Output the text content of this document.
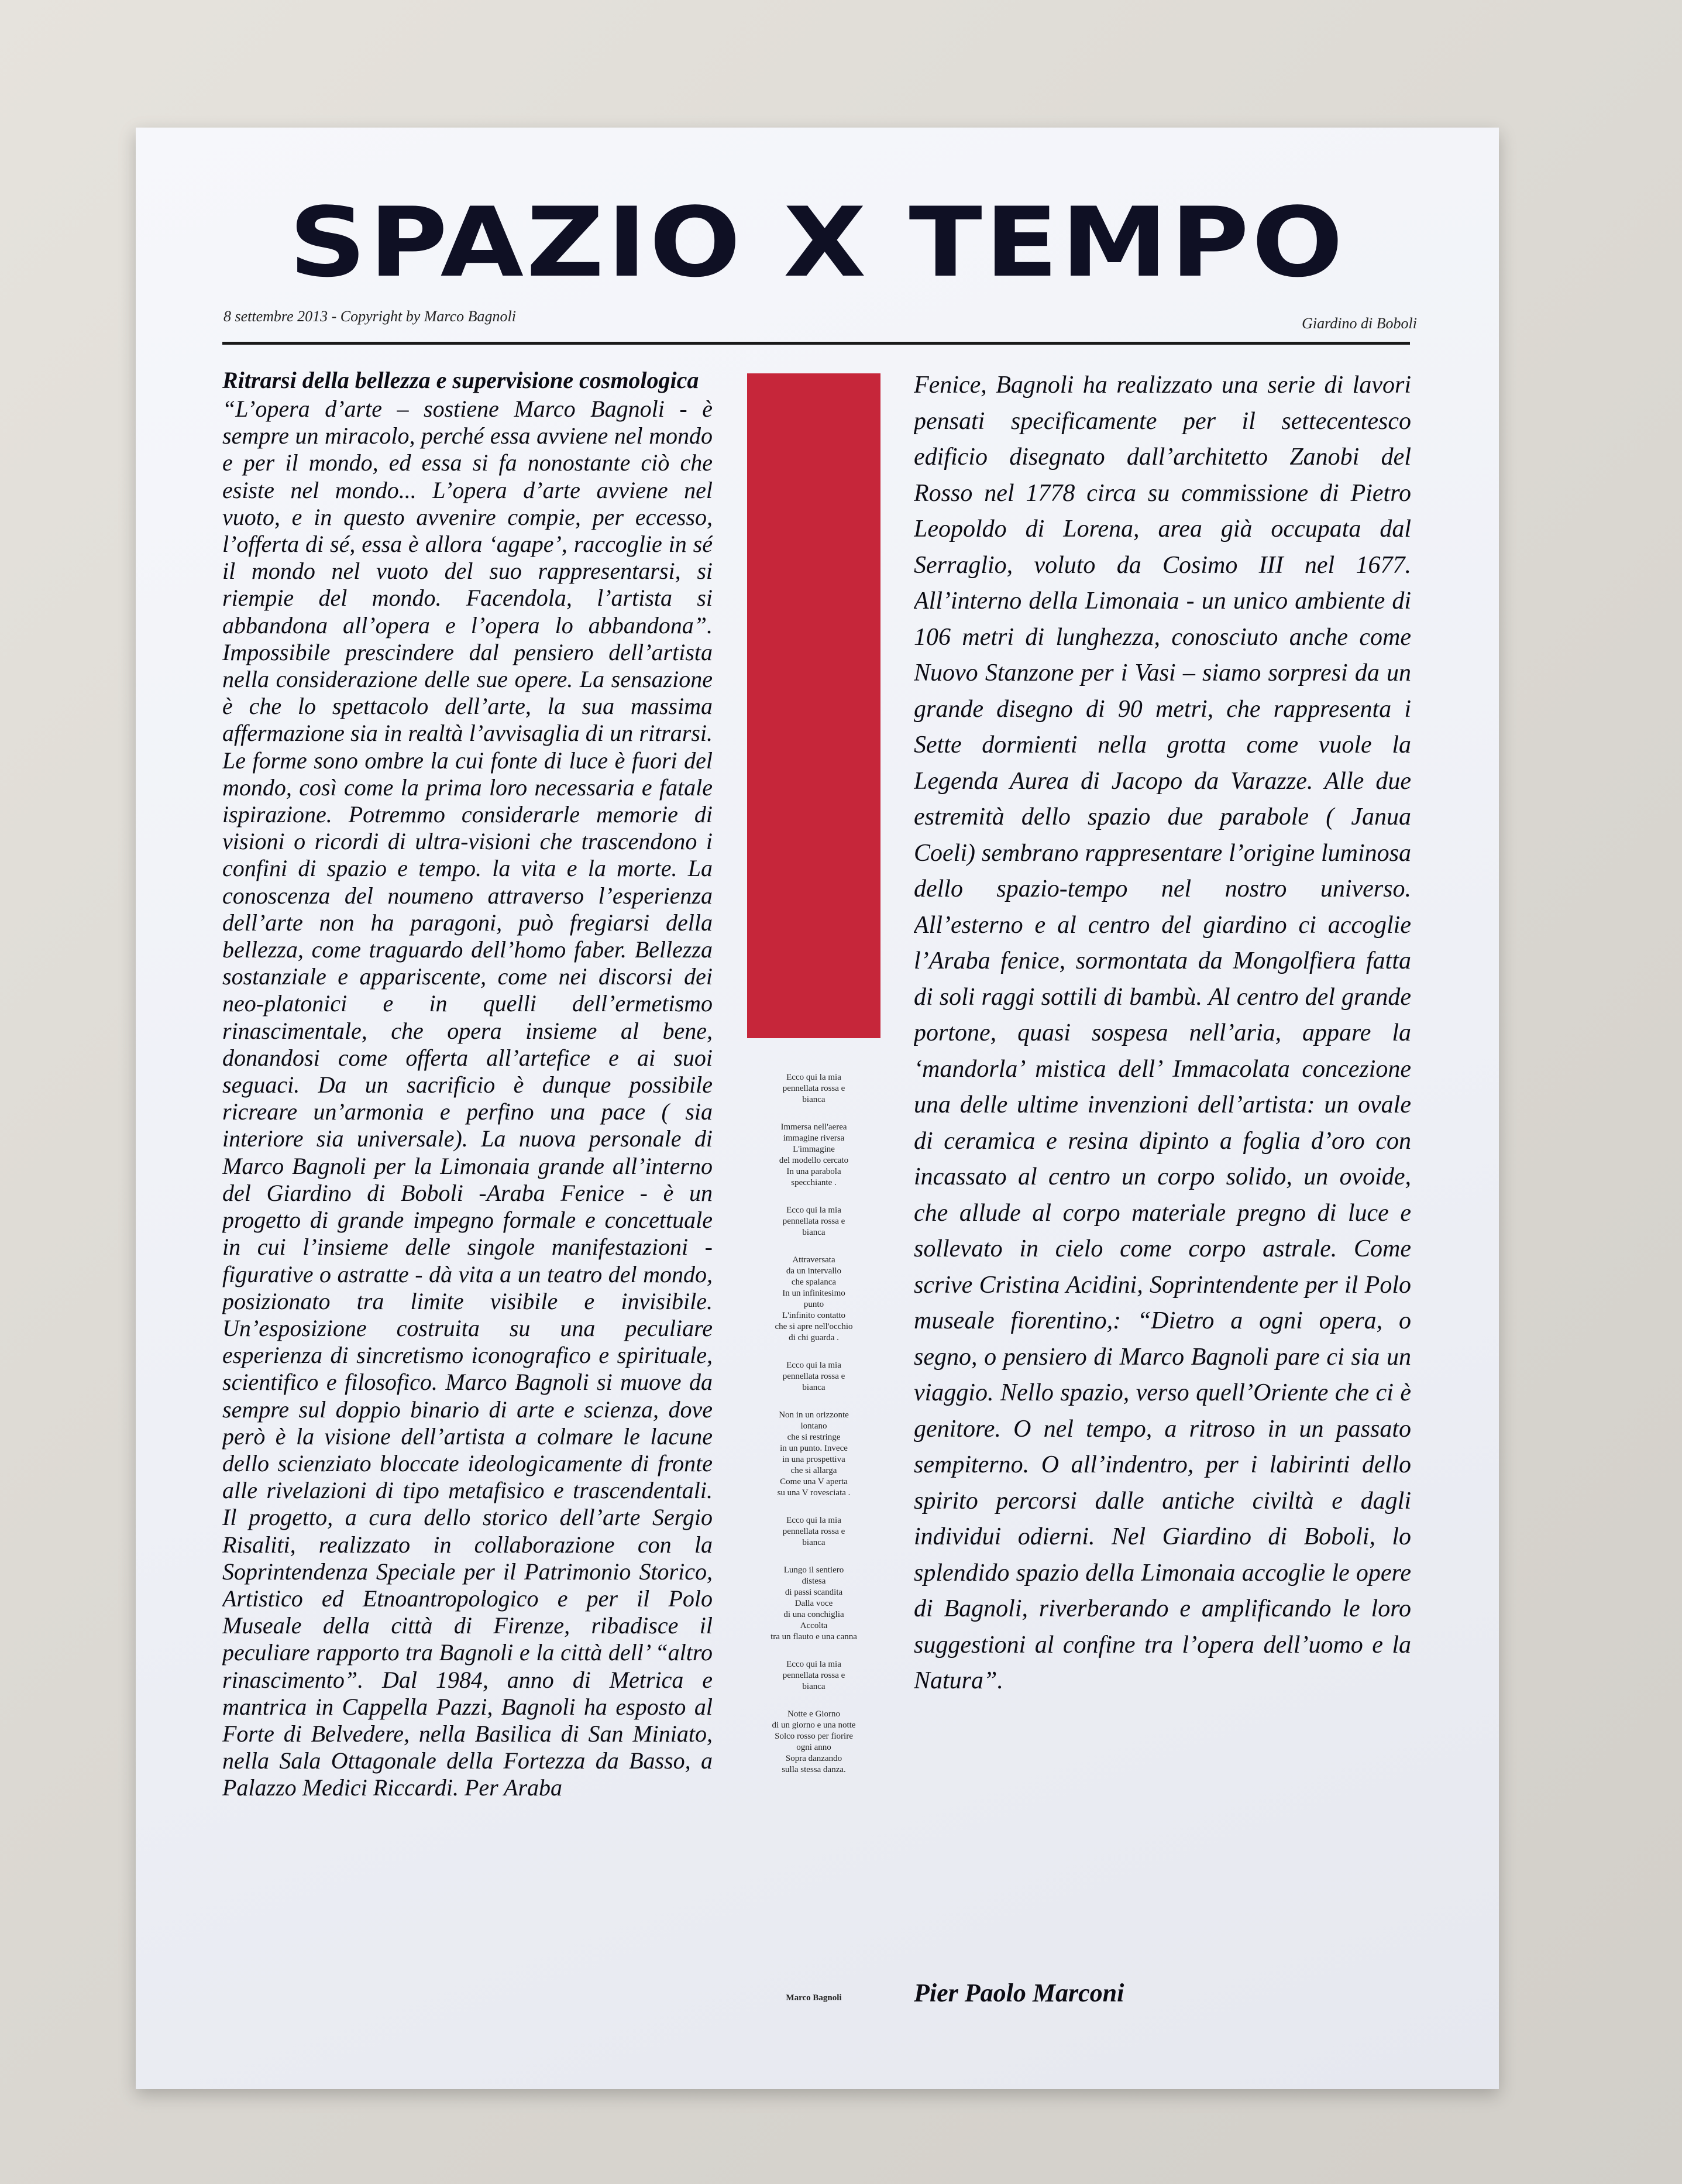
SPAZIO X TEMPO
8 settembre 2013 - Copyright by Marco Bagnoli	Giardino di Boboli

Ritrarsi della bellezza e supervisione cosmologica

“L’opera d’arte – sostiene Marco Bagnoli - è sempre un miracolo, perché essa avviene nel mondo e per il mondo, ed essa si fa nonostante ciò che esiste nel mondo... L’opera d’arte avviene nel vuoto, e in questo avvenire compie, per eccesso, l’offerta di sé, essa è allora ‘agape’, raccoglie in sé il mondo nel vuoto del suo rappresentarsi, si riempie del mondo. Facendola, l’artista si abbandona all’opera e l’opera lo abbandona”. Impossibile prescindere dal pensiero dell’artista nella considerazione delle sue opere. La sensazione è che lo spettacolo dell’arte, la sua massima affermazione sia in realtà l’avvisaglia di un ritrarsi. Le forme sono ombre la cui fonte di luce è fuori del mondo, così come la prima loro necessaria e fatale ispirazione. Potremmo considerarle memorie di visioni o ricordi di ultra-visioni che trascendono i confini di spazio e tempo. la vita e la morte. La conoscenza del noumeno attraverso l’esperienza dell’arte non ha paragoni, può fregiarsi della bellezza, come traguardo dell’homo faber. Bellezza sostanziale e appariscente, come nei discorsi dei neo-platonici e in quelli dell’ermetismo rinascimentale, che opera insieme al bene, donandosi come offerta all’artefice e ai suoi seguaci. Da un sacrificio è dunque possibile ricreare un’armonia e perfino una pace ( sia interiore sia universale). La nuova personale di Marco Bagnoli per la Limonaia grande all’interno del Giardino di Boboli -Araba Fenice - è un progetto di grande impegno formale e concettuale in cui l’insieme delle singole manifestazioni - figurative o astratte - dà vita a un teatro del mondo, posizionato tra limite visibile e invisibile. Un’esposizione costruita su una peculiare esperienza di sincretismo iconografico e spirituale, scientifico e filosofico. Marco Bagnoli si muove da sempre sul doppio binario di arte e scienza, dove però è la visione dell’artista a colmare le lacune dello scienziato bloccate ideologicamente di fronte alle rivelazioni di tipo metafisico e trascendentali. Il progetto, a cura dello storico dell’arte Sergio Risaliti, realizzato in collaborazione con la Soprintendenza Speciale per il Patrimonio Storico, Artistico ed Etnoantropologico e per il Polo Museale della città di Firenze, ribadisce il peculiare rapporto tra Bagnoli e la città dell’ “altro rinascimento”. Dal 1984, anno di Metrica e mantrica in Cappella Pazzi, Bagnoli ha esposto al Forte di Belvedere, nella Basilica di San Miniato, nella Sala Ottagonale della Fortezza da Basso, a Palazzo Medici Riccardi. Per Araba

Ecco qui la mia
pennellata rossa e
bianca

Immersa nell'aerea
immagine riversa
L'immagine
del modello cercato
In una parabola
specchiante .

Ecco qui la mia
pennellata rossa e
bianca

Attraversata
da un intervallo
che spalanca
In un infinitesimo
punto
L'infinito contatto
che si apre nell'occhio
di chi guarda .

Ecco qui la mia
pennellata rossa e
bianca

Non in un orizzonte
lontano
che si restringe
in un punto. Invece
in una prospettiva
che si allarga
Come una V aperta
su una V rovesciata .

Ecco qui la mia
pennellata rossa e
bianca

Lungo il sentiero
distesa
di passi scandita
Dalla voce
di una conchiglia
Accolta
tra un flauto e una canna

Ecco qui la mia
pennellata rossa e
bianca

Notte e Giorno
di un giorno e una notte
Solco rosso per fiorire
ogni anno
Sopra danzando
sulla stessa danza.

Marco Bagnoli

Fenice, Bagnoli ha realizzato una serie di lavori pensati specificamente per il settecentesco edificio disegnato dall’architetto Zanobi del Rosso nel 1778 circa su commissione di Pietro Leopoldo di Lorena, area già occupata dal Serraglio, voluto da Cosimo III nel 1677. All’interno della Limonaia - un unico ambiente di 106 metri di lunghezza, conosciuto anche come Nuovo Stanzone per i Vasi – siamo sorpresi da un grande disegno di 90 metri, che rappresenta i Sette dormienti nella grotta come vuole la Legenda Aurea di Jacopo da Varazze. Alle due estremità dello spazio due parabole ( Janua Coeli) sembrano rappresentare l’origine luminosa dello spazio-tempo nel nostro universo. All’esterno e al centro del giardino ci accoglie l’Araba fenice, sormontata da Mongolfiera fatta di soli raggi sottili di bambù. Al centro del grande portone, quasi sospesa nell’aria, appare la ‘mandorla’ mistica dell’ Immacolata concezione una delle ultime invenzioni dell’artista: un ovale di ceramica e resina dipinto a foglia d’oro con incassato al centro un corpo solido, un ovoide, che allude al corpo materiale pregno di luce e sollevato in cielo come corpo astrale. Come scrive Cristina Acidini, Soprintendente per il Polo museale fiorentino,: “Dietro a ogni opera, o segno, o pensiero di Marco Bagnoli pare ci sia un viaggio. Nello spazio, verso quell’Oriente che ci è genitore. O nel tempo, a ritroso in un passato sempiterno. O all’indentro, per i labirinti dello spirito percorsi dalle antiche civiltà e dagli individui odierni. Nel Giardino di Boboli, lo splendido spazio della Limonaia accoglie le opere di Bagnoli, riverberando e amplificando le loro suggestioni al confine tra l’opera dell’uomo e la Natura”.

Pier Paolo Marconi
